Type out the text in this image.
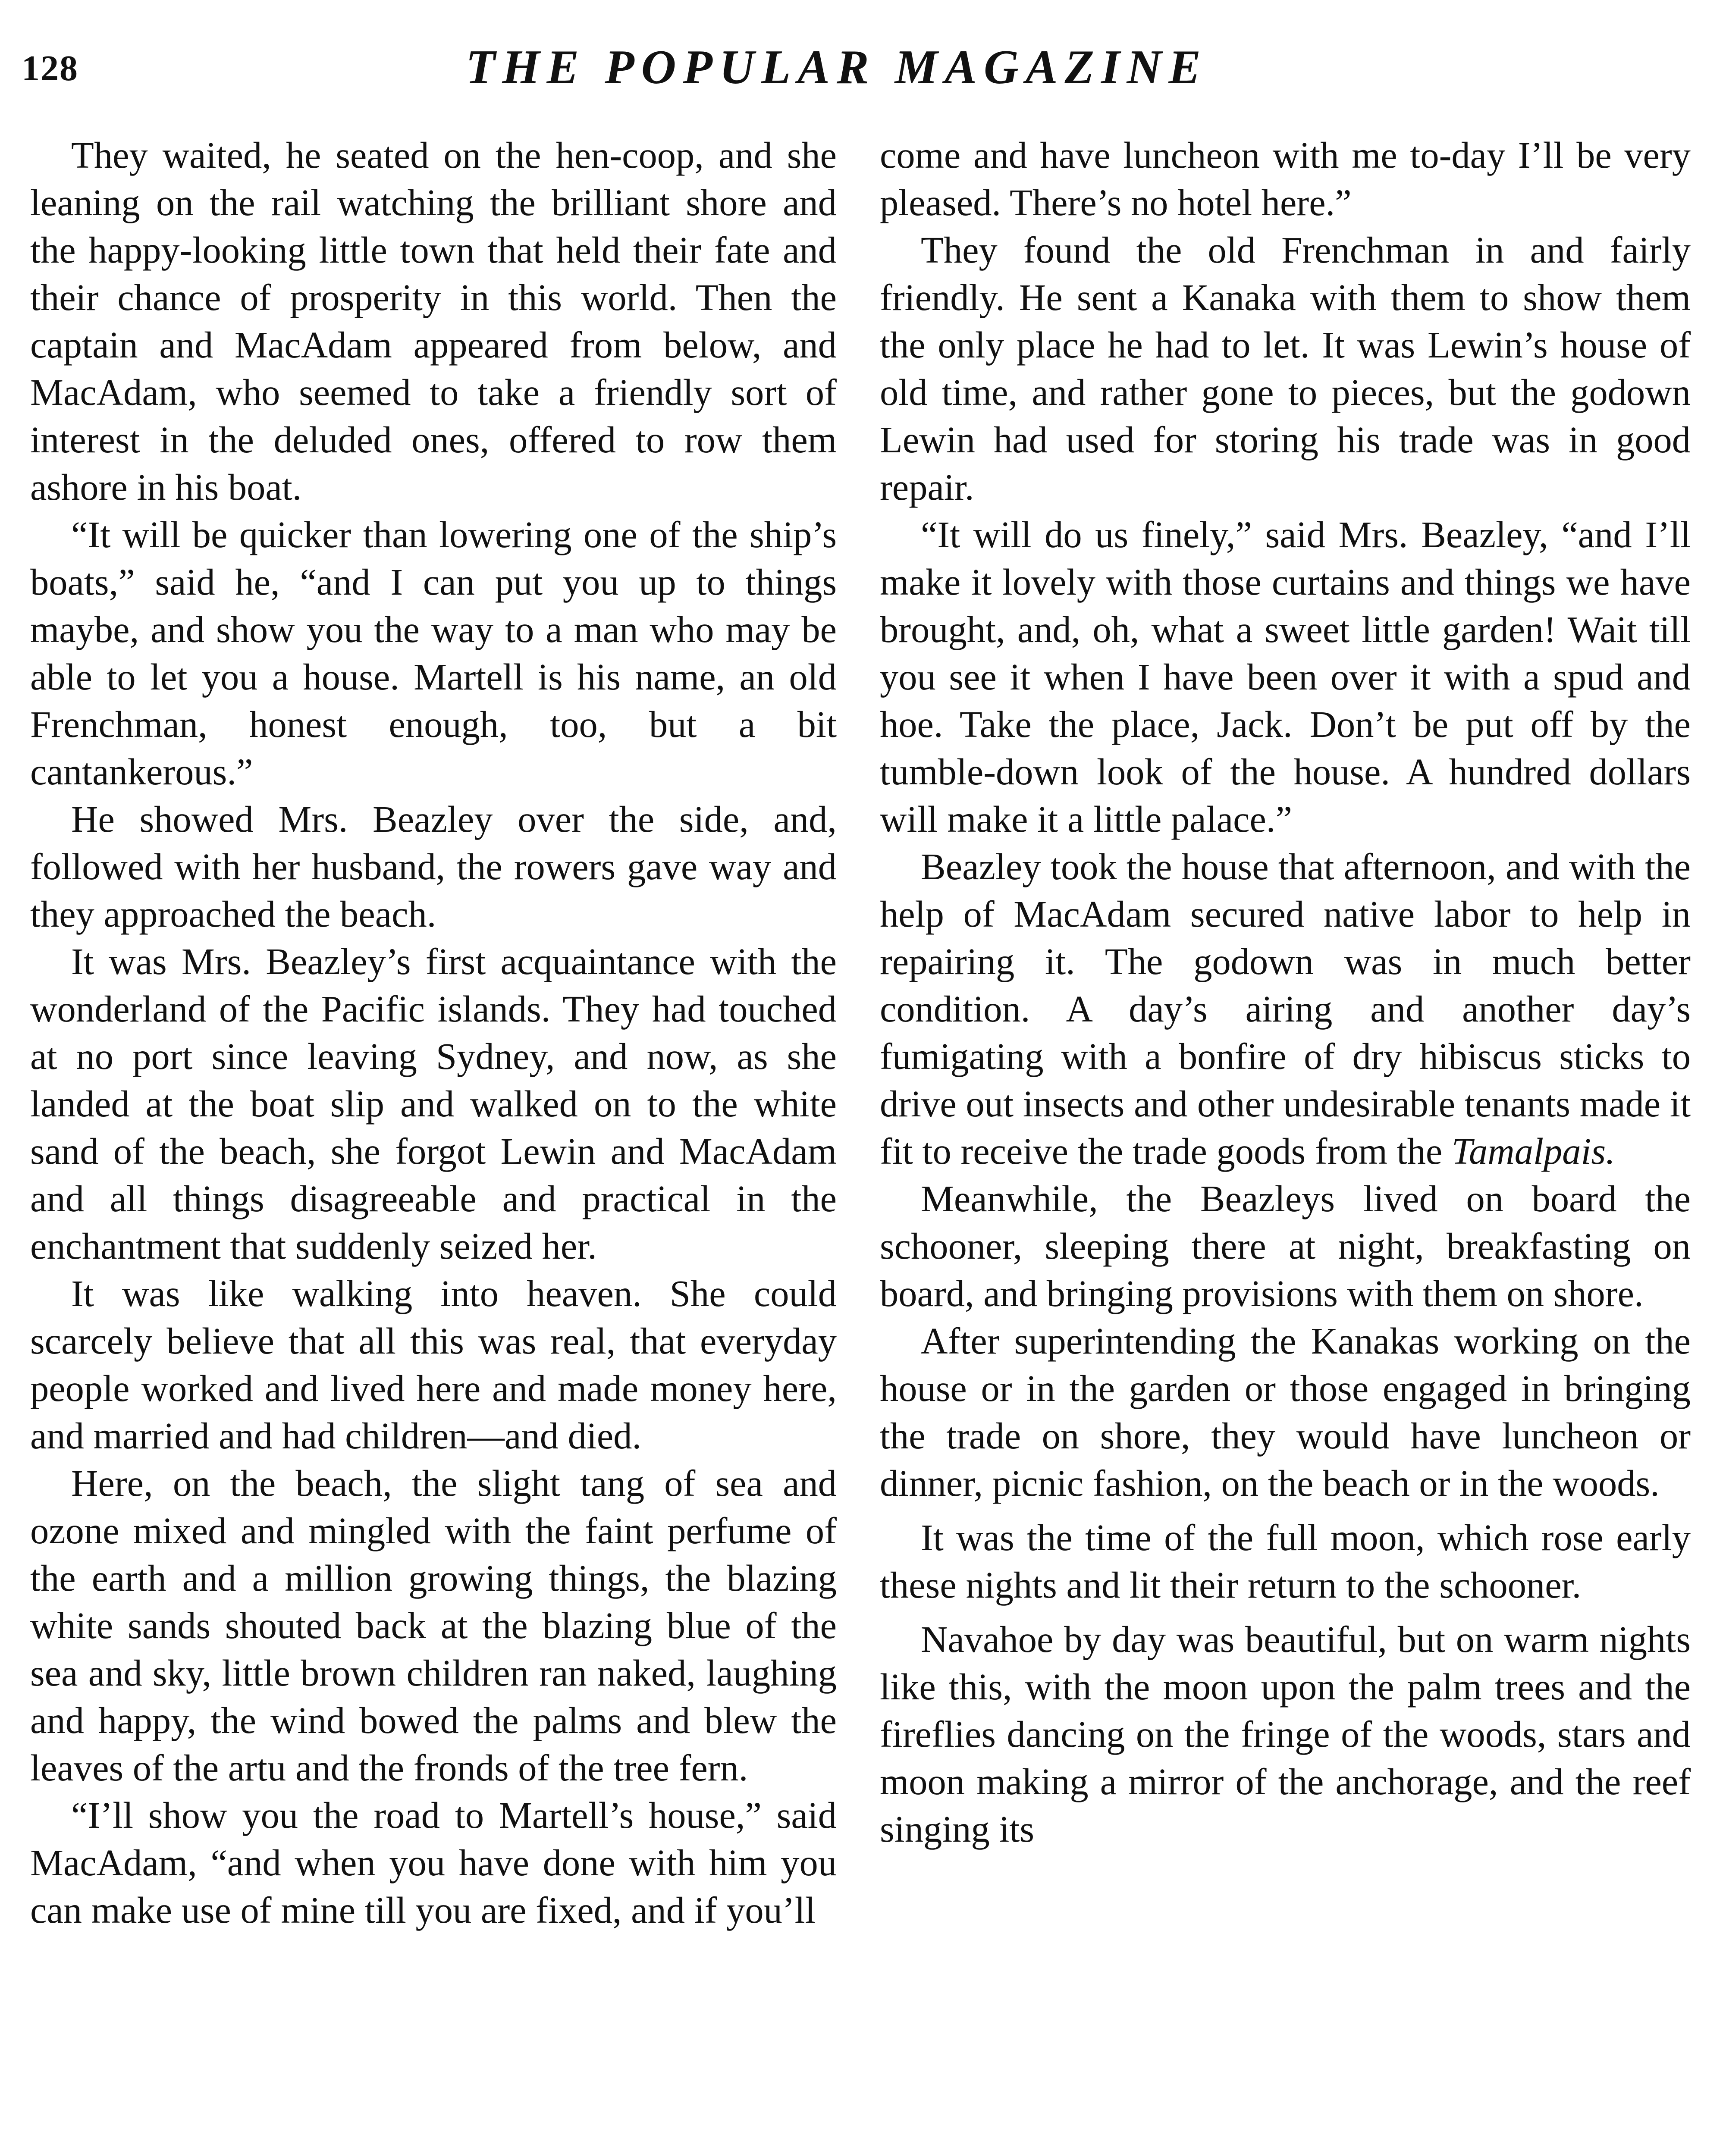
128	THE POPULAR MAGAZINE

They waited, he seated on the hen-coop, and she leaning on the rail watching the brilliant shore and the happy-looking little town that held their fate and their chance of prosperity in this world. Then the captain and MacAdam appeared from below, and MacAdam, who seemed to take a friendly sort of interest in the deluded ones, offered to row them ashore in his boat.

“It will be quicker than lowering one of the ship’s boats,” said he, “and I can put you up to things maybe, and show you the way to a man who may be able to let you a house. Martell is his name, an old Frenchman, honest enough, too, but a bit cantankerous.”

He showed Mrs. Beazley over the side, and, followed with her husband, the rowers gave way and they approached the beach.

It was Mrs. Beazley’s first acquaintance with the wonderland of the Pacific islands. They had touched at no port since leaving Sydney, and now, as she landed at the boat slip and walked on to the white sand of the beach, she forgot Lewin and MacAdam and all things disagreeable and practical in the enchantment that suddenly seized her.

It was like walking into heaven. She could scarcely believe that all this was real, that everyday people worked and lived here and made money here, and married and had children—and died.

Here, on the beach, the slight tang of sea and ozone mixed and mingled with the faint perfume of the earth and a million growing things, the blazing white sands shouted back at the blazing blue of the sea and sky, little brown children ran naked, laughing and happy, the wind bowed the palms and blew the leaves of the artu and the fronds of the tree fern.

“I’ll show you the road to Martell’s house,” said MacAdam, “and when you have done with him you can make use of mine till you are fixed, and if you’ll

come and have luncheon with me to-day I’ll be very pleased. There’s no hotel here.”

They found the old Frenchman in and fairly friendly. He sent a Kanaka with them to show them the only place he had to let. It was Lewin’s house of old time, and rather gone to pieces, but the godown Lewin had used for storing his trade was in good repair.

“It will do us finely,” said Mrs. Beazley, “and I’ll make it lovely with those curtains and things we have brought, and, oh, what a sweet little garden! Wait till you see it when I have been over it with a spud and hoe. Take the place, Jack. Don’t be put off by the tumble-down look of the house. A hundred dollars will make it a little palace.”

Beazley took the house that afternoon, and with the help of MacAdam secured native labor to help in repairing it. The godown was in much better condition. A day’s airing and another day’s fumigating with a bonfire of dry hibiscus sticks to drive out insects and other undesirable tenants made it fit to receive the trade goods from the Tamalpais.

Meanwhile, the Beazleys lived on board the schooner, sleeping there at night, breakfasting on board, and bringing provisions with them on shore.

After superintending the Kanakas working on the house or in the garden or those engaged in bringing the trade on shore, they would have luncheon or dinner, picnic fashion, on the beach or in the woods.

It was the time of the full moon, which rose early these nights and lit their return to the schooner.

Navahoe by day was beautiful, but on warm nights like this, with the moon upon the palm trees and the fireflies dancing on the fringe of the woods, stars and moon making a mirror of the anchorage, and the reef singing its
